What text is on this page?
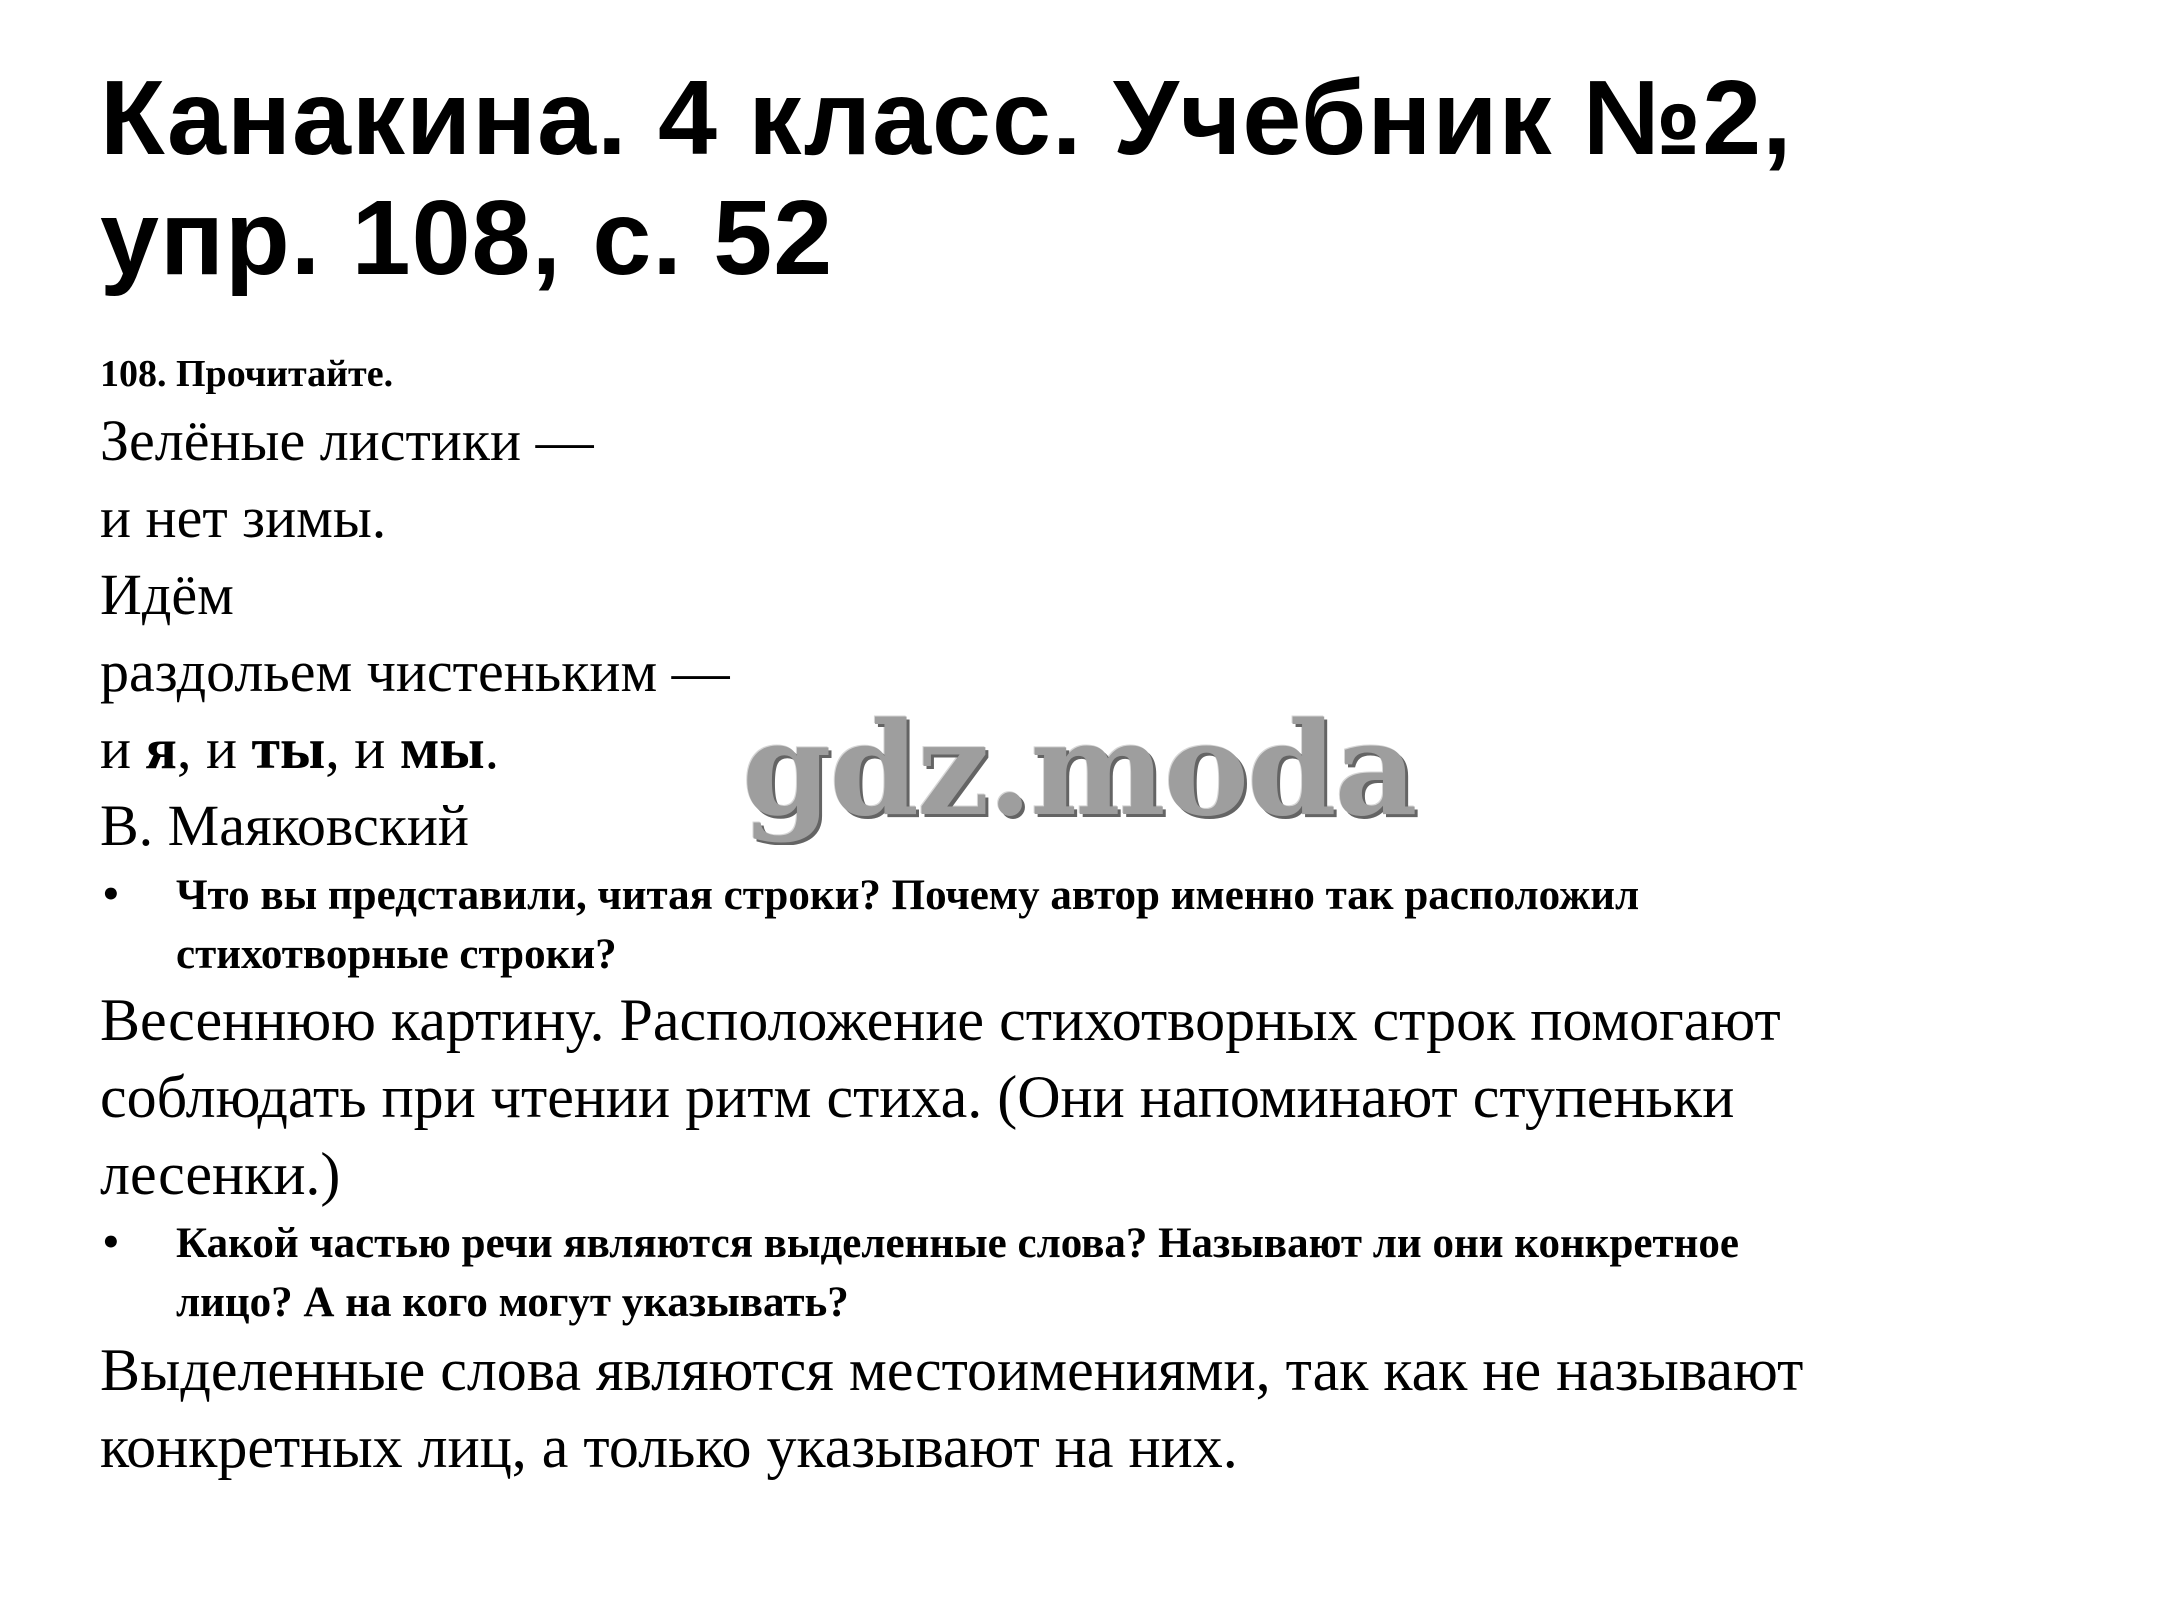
Канакина. 4 класс. Учебник №2,
упр. 108, с. 52

108. Прочитайте.

Зелёные листики —
и нет зимы.
Идём
раздольем чистеньким —
и я, и ты, и мы.
В. Маяковский
•	Что вы представили, читая строки? Почему автор именно так расположил
стихотворные строки?
Весеннюю картину. Расположение стихотворных строк помогают
соблюдать при чтении ритм стиха. (Они напоминают ступеньки
лесенки.)
•	Какой частью речи являются выделенные слова? Называют ли они конкретное
лицо? А на кого могут указывать?
Выделенные слова являются местоимениями, так как не называют
конкретных лиц, а только указывают на них.
gdz.moda
